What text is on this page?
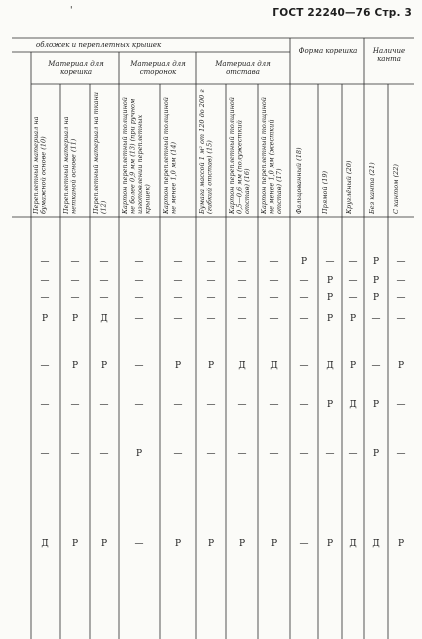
'	ГОСТ 22240—76 Стр. 3
обложек и переплетных крышек
Материал для корешка
Материал для сторонок
Материал для отстава
Форма корешка	Наличие канта
Переплетный материал на бумажной основе (10)	Переплетный материал на нетканой основе (11)	Переплетный материал на ткани (12)	Картон переплетный толщиной не более 0,9 мм (13) (при ручном изготовлении переплетных крышек)	Картон переплетный толщиной не менее 1,0 мм (14)	Бумага массой 1 м² от 120 до 200 г (гибкий отстав) (15)	Картон переплетный толщиной 0,5—0,6 мм (полужесткий отстав) (16)	Картон переплетный толщиной не менее 1,0 мм (жесткий отстав) (17)	Фальцованный (18)	Прямой (19)	Круглёный (20)	Без канта (21)	С кантом (22)
—	—	—	—	—	—	—	—	Р	—	—	Р	—
—	—	—	—	—	—	—	—	—	Р	—	Р	—
—	—	—	—	—	—	—	—	—	Р	—	Р	—
Р	Р	Д	—	—	—	—	—	—	Р	Р	—	—
—	Р	Р	—	Р	Р	Д	Д	—	Д	Р	—	Р
—	—	—	—	—	—	—	—	—	Р	Д	Р	—
—	—	—	Р	—	—	—	—	—	—	—	Р	—
Д	Р	Р	—	Р	Р	Р	Р	—	Р	Д	Д	Р
